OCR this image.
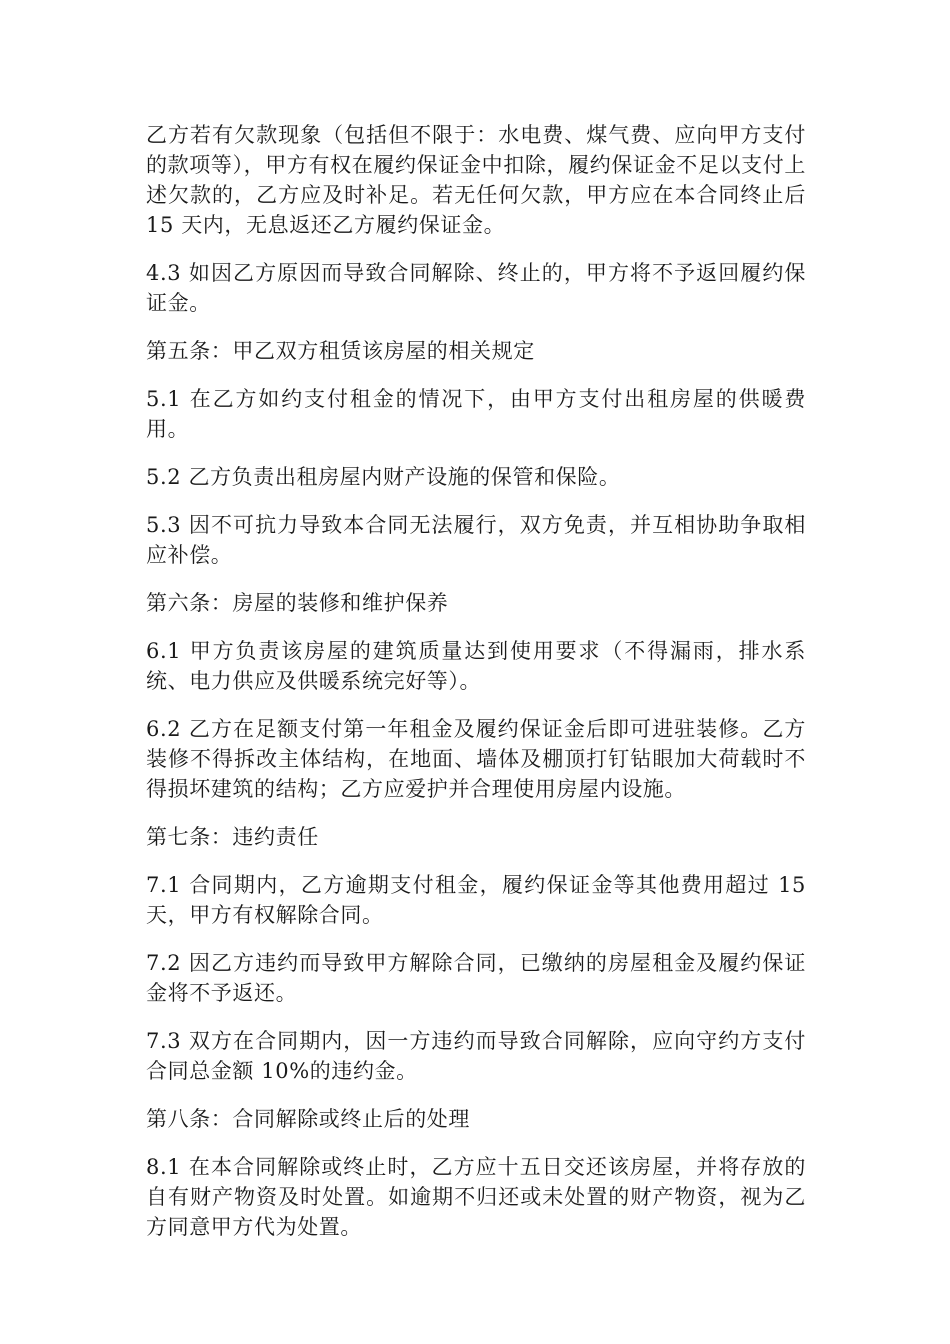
乙方若有欠款现象（包括但不限于：水电费、煤气费、应向甲方支付的款项等），甲方有权在履约保证金中扣除，履约保证金不足以支付上述欠款的，乙方应及时补足。若无任何欠款，甲方应在本合同终止后 15 天内，无息返还乙方履约保证金。

4.3 如因乙方原因而导致合同解除、终止的，甲方将不予返回履约保证金。

第五条：甲乙双方租赁该房屋的相关规定

5.1 在乙方如约支付租金的情况下，由甲方支付出租房屋的供暖费用。

5.2 乙方负责出租房屋内财产设施的保管和保险。

5.3 因不可抗力导致本合同无法履行，双方免责，并互相协助争取相应补偿。

第六条：房屋的装修和维护保养

6.1 甲方负责该房屋的建筑质量达到使用要求（不得漏雨，排水系统、电力供应及供暖系统完好等）。

6.2 乙方在足额支付第一年租金及履约保证金后即可进驻装修。乙方装修不得拆改主体结构，在地面、墙体及棚顶打钉钻眼加大荷载时不得损坏建筑的结构；乙方应爱护并合理使用房屋内设施。

第七条：违约责任

7.1 合同期内，乙方逾期支付租金，履约保证金等其他费用超过 15 天，甲方有权解除合同。

7.2 因乙方违约而导致甲方解除合同，已缴纳的房屋租金及履约保证金将不予返还。

7.3 双方在合同期内，因一方违约而导致合同解除，应向守约方支付合同总金额 10%的违约金。

第八条：合同解除或终止后的处理

8.1 在本合同解除或终止时，乙方应十五日交还该房屋，并将存放的自有财产物资及时处置。如逾期不归还或未处置的财产物资，视为乙方同意甲方代为处置。
